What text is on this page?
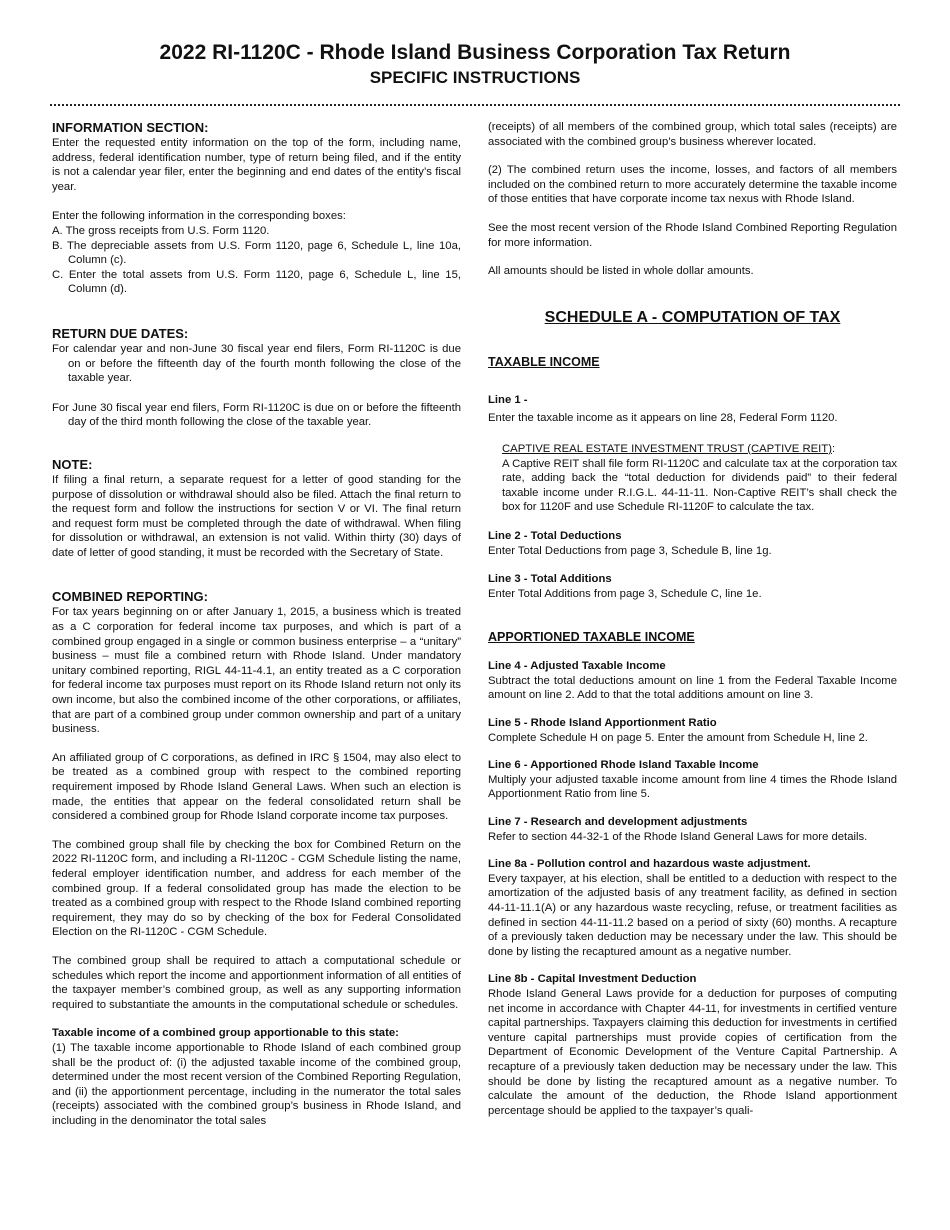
2022 RI-1120C - Rhode Island Business Corporation Tax Return
SPECIFIC INSTRUCTIONS

INFORMATION SECTION:

Enter the requested entity information on the top of the form, including name, address, federal identification number, type of return being filed, and if the entity is not a calendar year filer, enter the beginning and end dates of the entity’s fiscal year.

Enter the following information in the corresponding boxes:

A. The gross receipts from U.S. Form 1120.

B. The depreciable assets from U.S. Form 1120, page 6, Schedule L, line 10a, Column (c).

C. Enter the total assets from U.S. Form 1120, page 6, Schedule L, line 15, Column (d).

RETURN DUE DATES:

For calendar year and non-June 30 fiscal year end filers, Form RI-1120C is due on or before the fifteenth day of the fourth month following the close of the taxable year.

For June 30 fiscal year end filers, Form RI-1120C is due on or before the fifteenth day of the third month following the close of the taxable year.

NOTE:

If filing a final return, a separate request for a letter of good standing for the purpose of dissolution or withdrawal should also be filed. Attach the final return to the request form and follow the instructions for section V or VI. The final return and request form must be completed through the date of withdrawal. When filing for dissolution or withdrawal, an extension is not valid. Within thirty (30) days of date of letter of good standing, it must be recorded with the Secretary of State.

COMBINED REPORTING:

For tax years beginning on or after January 1, 2015, a business which is treated as a C corporation for federal income tax purposes, and which is part of a combined group engaged in a single or common business enterprise – a “unitary” business – must file a combined return with Rhode Island. Under mandatory unitary combined reporting, RIGL 44-11-4.1, an entity treated as a C corporation for federal income tax purposes must report on its Rhode Island return not only its own income, but also the combined income of the other corporations, or affiliates, that are part of a combined group under common ownership and part of a unitary business.

An affiliated group of C corporations, as defined in IRC § 1504, may also elect to be treated as a combined group with respect to the combined reporting requirement imposed by Rhode Island General Laws. When such an election is made, the entities that appear on the federal consolidated return shall be considered a combined group for Rhode Island corporate income tax purposes.

The combined group shall file by checking the box for Combined Return on the 2022 RI-1120C form, and including a RI-1120C - CGM Schedule listing the name, federal employer identification number, and address for each member of the combined group. If a federal consolidated group has made the election to be treated as a combined group with respect to the Rhode Island combined reporting requirement, they may do so by checking of the box for Federal Consolidated Election on the RI-1120C - CGM Schedule.

The combined group shall be required to attach a computational schedule or schedules which report the income and apportionment information of all entities of the taxpayer member’s combined group, as well as any supporting information required to substantiate the amounts in the computational schedule or schedules.

Taxable income of a combined group apportionable to this state:

(1) The taxable income apportionable to Rhode Island of each combined group shall be the product of: (i) the adjusted taxable income of the combined group, determined under the most recent version of the Combined Reporting Regulation, and (ii) the apportionment percentage, including in the numerator the total sales (receipts) associated with the combined group’s business in Rhode Island, and including in the denominator the total sales

(receipts) of all members of the combined group, which total sales (receipts) are associated with the combined group’s business wherever located.

(2) The combined return uses the income, losses, and factors of all members included on the combined return to more accurately determine the taxable income of those entities that have corporate income tax nexus with Rhode Island.

See the most recent version of the Rhode Island Combined Reporting Regulation for more information.

All amounts should be listed in whole dollar amounts.

SCHEDULE A - COMPUTATION OF TAX

TAXABLE INCOME

Line 1 -

Enter the taxable income as it appears on line 28, Federal Form 1120.

CAPTIVE REAL ESTATE INVESTMENT TRUST (CAPTIVE REIT):

A Captive REIT shall file form RI-1120C and calculate tax at the corporation tax rate, adding back the “total deduction for dividends paid” to their federal taxable income under R.I.G.L. 44-11-11. Non-Captive REIT’s shall check the box for 1120F and use Schedule RI-1120F to calculate the tax.

Line 2 - Total Deductions

Enter Total Deductions from page 3, Schedule B, line 1g.

Line 3 - Total Additions

Enter Total Additions from page 3, Schedule C, line 1e.

APPORTIONED TAXABLE INCOME

Line 4 - Adjusted Taxable Income

Subtract the total deductions amount on line 1 from the Federal Taxable Income amount on line 2. Add to that the total additions amount on line 3.

Line 5 - Rhode Island Apportionment Ratio

Complete Schedule H on page 5. Enter the amount from Schedule H, line 2.

Line 6 - Apportioned Rhode Island Taxable Income

Multiply your adjusted taxable income amount from line 4 times the Rhode Island Apportionment Ratio from line 5.

Line 7 - Research and development adjustments

Refer to section 44-32-1 of the Rhode Island General Laws for more details.

Line 8a - Pollution control and hazardous waste adjustment.

Every taxpayer, at his election, shall be entitled to a deduction with respect to the amortization of the adjusted basis of any treatment facility, as defined in section 44-11-11.1(A) or any hazardous waste recycling, refuse, or treatment facilities as defined in section 44-11-11.2 based on a period of sixty (60) months. A recapture of a previously taken deduction may be necessary under the law. This should be done by listing the recaptured amount as a negative number.

Line 8b - Capital Investment Deduction

Rhode Island General Laws provide for a deduction for purposes of computing net income in accordance with Chapter 44-11, for investments in certified venture capital partnerships. Taxpayers claiming this deduction for investments in certified venture capital partnerships must provide copies of certification from the Department of Economic Development of the Venture Capital Partnership. A recapture of a previously taken deduction may be necessary under the law. This should be done by listing the recaptured amount as a negative number. To calculate the amount of the deduction, the Rhode Island apportionment percentage should be applied to the taxpayer’s quali-
